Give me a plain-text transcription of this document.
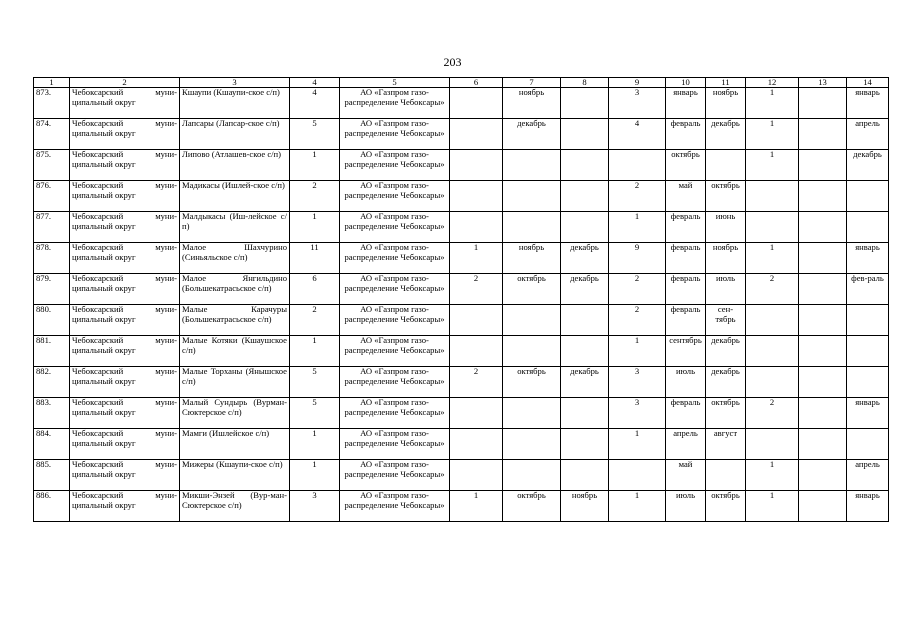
203
1	2	3	4	5	6	7	8	9	10	11	12	13	14
873.	Чебоксарский муни-ципальный округ	Кшаупи (Кшаупи-ское с/п)	4	АО «Газпром газо-распределение Чебоксары»		ноябрь		3	январь	ноябрь	1		январь
874.	Чебоксарский муни-ципальный округ	Лапсары (Лапсар-ское с/п)	5	АО «Газпром газо-распределение Чебоксары»		декабрь		4	февраль	декабрь	1		апрель
875.	Чебоксарский муни-ципальный округ	Липово (Атлашев-ское с/п)	1	АО «Газпром газо-распределение Чебоксары»					октябрь		1		декабрь
876.	Чебоксарский муни-ципальный округ	Мадикасы (Ишлей-ское с/п)	2	АО «Газпром газо-распределение Чебоксары»				2	май	октябрь			
877.	Чебоксарский муни-ципальный округ	Малдыкасы (Иш-лейское с/п)	1	АО «Газпром газо-распределение Чебоксары»				1	февраль	июнь			
878.	Чебоксарский муни-ципальный округ	Малое Шахчурино (Синьяльское с/п)	11	АО «Газпром газо-распределение Чебоксары»	1	ноябрь	декабрь	9	февраль	ноябрь	1		январь
879.	Чебоксарский муни-ципальный округ	Малое Янгильдино (Большекатрасьское с/п)	6	АО «Газпром газо-распределение Чебоксары»	2	октябрь	декабрь	2	февраль	июль	2		фев-раль
880.	Чебоксарский муни-ципальный округ	Малые Карачуры (Большекатрасьское с/п)	2	АО «Газпром газо-распределение Чебоксары»				2	февраль	сен-тябрь			
881.	Чебоксарский муни-ципальный округ	Малые Котяки (Кшаушское с/п)	1	АО «Газпром газо-распределение Чебоксары»				1	сентябрь	декабрь			
882.	Чебоксарский муни-ципальный округ	Малые Торханы (Янышское с/п)	5	АО «Газпром газо-распределение Чебоксары»	2	октябрь	декабрь	3	июль	декабрь			
883.	Чебоксарский муни-ципальный округ	Малый Сундырь (Вурман-Сюктерское с/п)	5	АО «Газпром газо-распределение Чебоксары»				3	февраль	октябрь	2		январь
884.	Чебоксарский муни-ципальный округ	Мамги (Ишлейское с/п)	1	АО «Газпром газо-распределение Чебоксары»				1	апрель	август			
885.	Чебоксарский муни-ципальный округ	Мижеры (Кшаупи-ское с/п)	1	АО «Газпром газо-распределение Чебоксары»					май		1		апрель
886.	Чебоксарский муни-ципальный округ	Микши-Энзей (Вур-ман-Сюктерское с/п)	3	АО «Газпром газо-распределение Чебоксары»	1	октябрь	ноябрь	1	июль	октябрь	1		январь
